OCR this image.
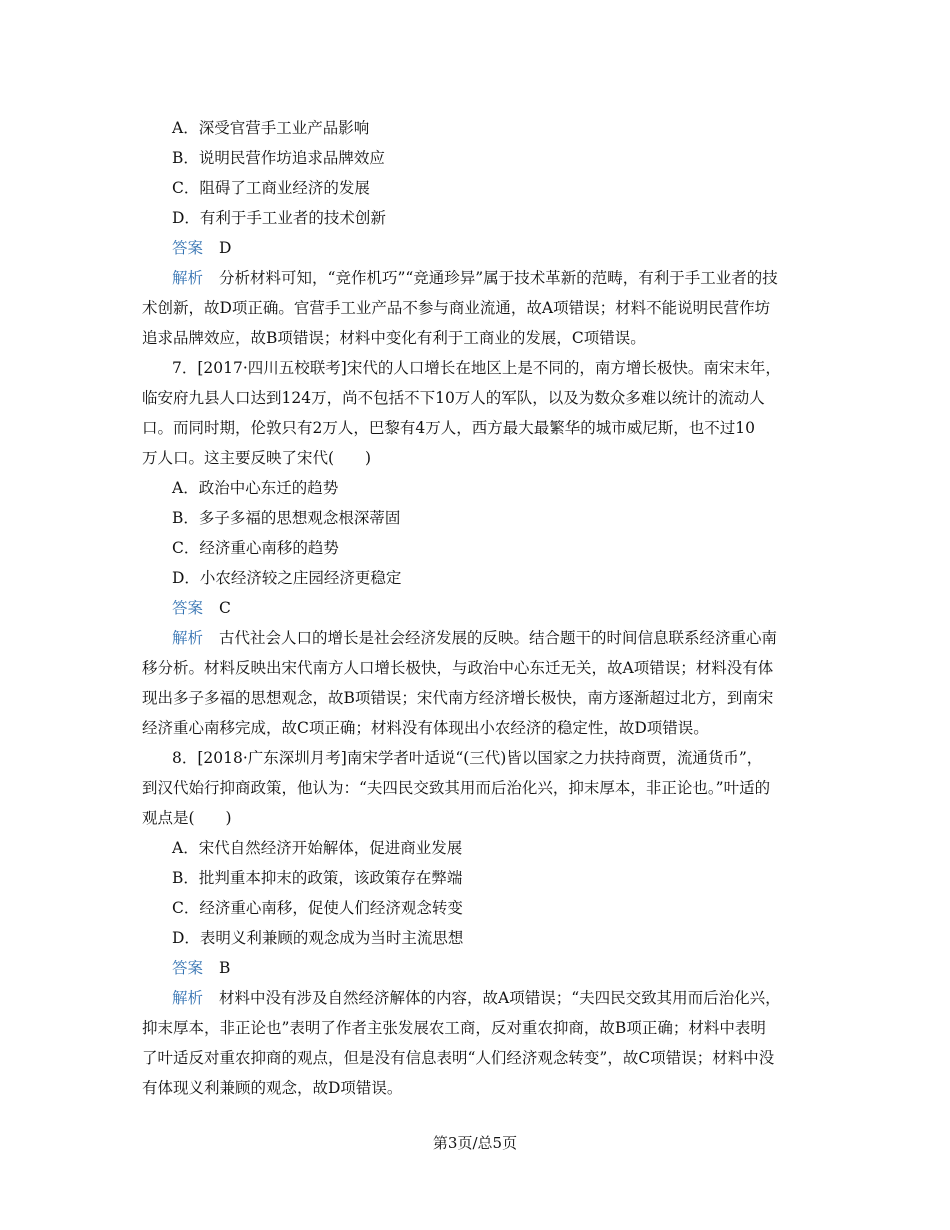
A．深受官营手工业产品影响
B．说明民营作坊追求品牌效应
C．阻碍了工商业经济的发展
D．有利于手工业者的技术创新
答案 D
解析 分析材料可知，“竞作机巧”“竞通珍异”属于技术革新的范畴，有利于手工业者的技
术创新，故D项正确。官营手工业产品不参与商业流通，故A项错误；材料不能说明民营作坊
追求品牌效应，故B项错误；材料中变化有利于工商业的发展，C项错误。
7．[2017·四川五校联考]宋代的人口增长在地区上是不同的，南方增长极快。南宋末年，
临安府九县人口达到124万，尚不包括不下10万人的军队，以及为数众多难以统计的流动人
口。而同时期，伦敦只有2万人，巴黎有4万人，西方最大最繁华的城市威尼斯，也不过10
万人口。这主要反映了宋代(　　)
A．政治中心东迁的趋势
B．多子多福的思想观念根深蒂固
C．经济重心南移的趋势
D．小农经济较之庄园经济更稳定
答案 C
解析 古代社会人口的增长是社会经济发展的反映。结合题干的时间信息联系经济重心南
移分析。材料反映出宋代南方人口增长极快，与政治中心东迁无关，故A项错误；材料没有体
现出多子多福的思想观念，故B项错误；宋代南方经济增长极快，南方逐渐超过北方，到南宋
经济重心南移完成，故C项正确；材料没有体现出小农经济的稳定性，故D项错误。
8．[2018·广东深圳月考]南宋学者叶适说“(三代)皆以国家之力扶持商贾，流通货币”，
到汉代始行抑商政策，他认为：“夫四民交致其用而后治化兴，抑末厚本，非正论也。”叶适的
观点是(　　)
A．宋代自然经济开始解体，促进商业发展
B．批判重本抑末的政策，该政策存在弊端
C．经济重心南移，促使人们经济观念转变
D．表明义利兼顾的观念成为当时主流思想
答案 B
解析 材料中没有涉及自然经济解体的内容，故A项错误；“夫四民交致其用而后治化兴，
抑末厚本，非正论也”表明了作者主张发展农工商，反对重农抑商，故B项正确；材料中表明
了叶适反对重农抑商的观点，但是没有信息表明“人们经济观念转变”，故C项错误；材料中没
有体现义利兼顾的观念，故D项错误。
第3页/总5页
